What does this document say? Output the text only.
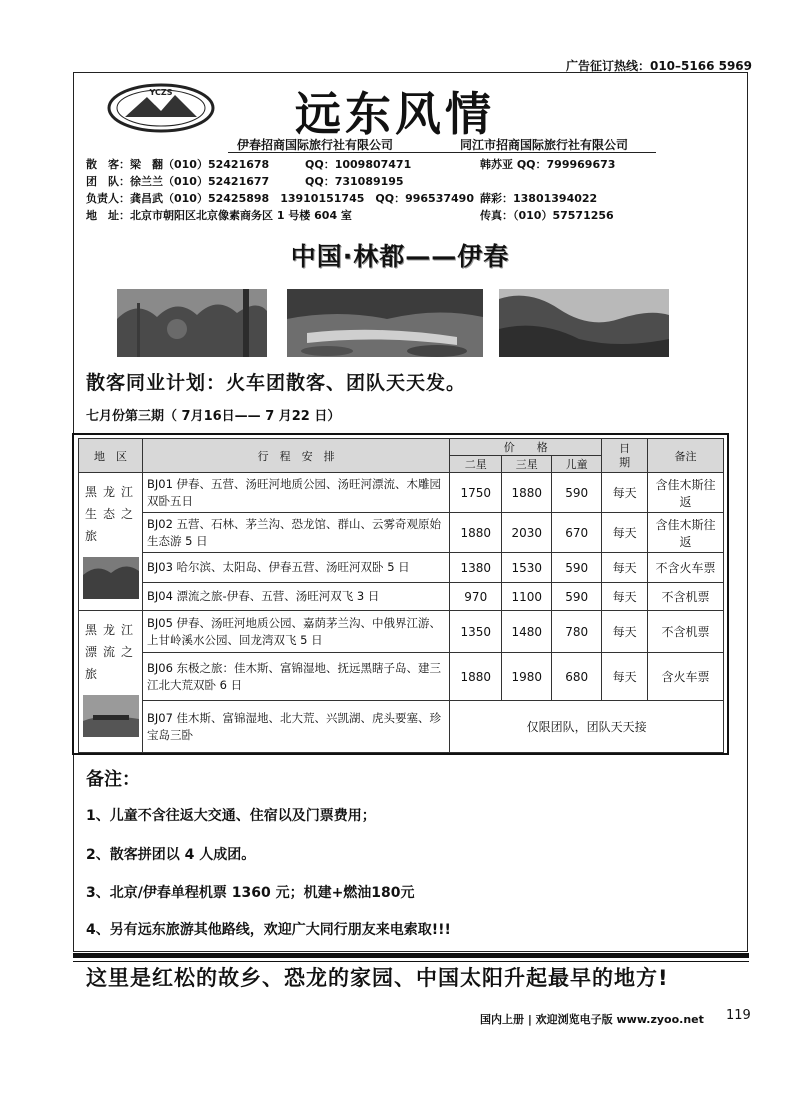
广告征订热线：010–5166 5969
YCZS	远东风情
伊春招商国际旅行社有限公司	同江市招商国际旅行社有限公司
散　客：梁　翻（010）52421678	QQ：1009807471	韩苏亚 QQ：799969673
团　队：徐兰兰（010）52421677	QQ：731089195
负责人：龚昌武（010）52425898　13910151745　QQ：996537490 薛彩：13801394022
地　址：北京市朝阳区北京像素商务区 1 号楼 604 室	传真：（010）57571256
中国·林都——伊春
散客同业计划：火车团散客、团队天天发。
七月份第三期（ 7月16日—— 7 月22 日）
地　区	行　程　安　排	价　　格			日期	备注
		二星	三星	儿童		

黑龙江生态之旅	BJ01 伊春、五营、汤旺河地质公园、汤旺河漂流、木雕园双卧五日	1750	1880	590	每天	含佳木斯往返
	BJ02 五营、石林、茅兰沟、恐龙馆、群山、云雾奇观原始生态游 5 日	1880	2030	670	每天	含佳木斯往返
	BJ03 哈尔滨、太阳岛、伊春五营、汤旺河双卧 5 日	1380	1530	590	每天	不含火车票
	BJ04 漂流之旅-伊春、五营、汤旺河双飞 3 日	970	1100	590	每天	不含机票

黑龙江漂流之旅	BJ05 伊春、汤旺河地质公园、嘉荫茅兰沟、中俄界江游、上甘岭溪水公园、回龙湾双飞 5 日	1350	1480	780	每天	不含机票
	BJ06 东极之旅：佳木斯、富锦湿地、抚远黑瞎子岛、建三江北大荒双卧 6 日	1880	1980	680	每天	含火车票
	BJ07 佳木斯、富锦湿地、北大荒、兴凯湖、虎头要塞、珍宝岛三卧	仅限团队，团队天天接				
备注：
1、儿童不含往返大交通、住宿以及门票费用；
2、散客拼团以 4 人成团。
3、北京/伊春单程机票 1360 元；机建+燃油180元
4、另有远东旅游其他路线，欢迎广大同行朋友来电索取!!!
这里是红松的故乡、恐龙的家园、中国太阳升起最早的地方!
国内上册 | 欢迎浏览电子版 www.zyoo.net 119
